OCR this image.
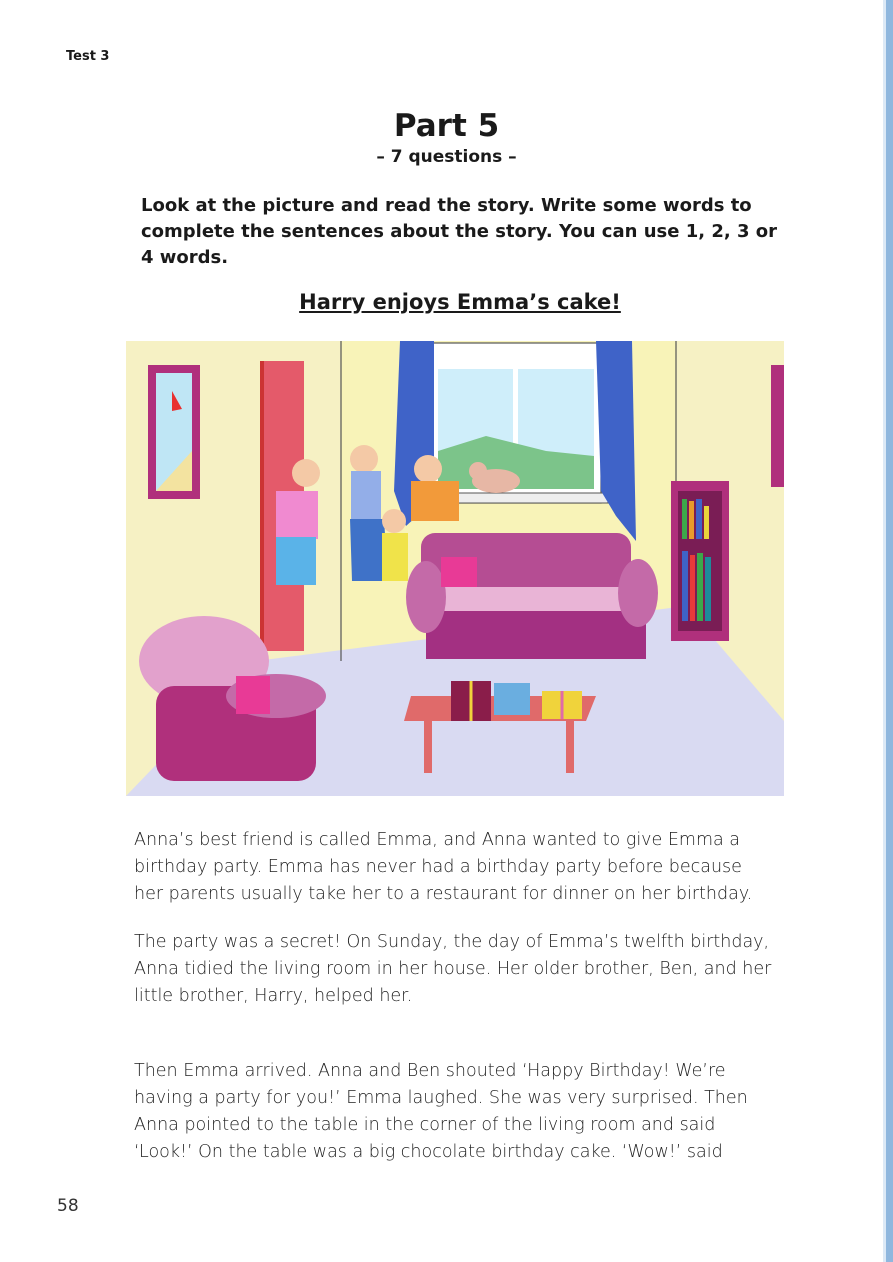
Test 3
Part 5
– 7 questions –
Look at the picture and read the story. Write some words to complete the sentences about the story. You can use 1, 2, 3 or 4 words.
Harry enjoys Emma’s cake!
Anna’s best friend is called Emma, and Anna wanted to give Emma a birthday party. Emma has never had a birthday party before because her parents usually take her to a restaurant for dinner on her birthday.
The party was a secret! On Sunday, the day of Emma’s twelfth birthday, Anna tidied the living room in her house. Her older brother, Ben, and her little brother, Harry, helped her.
Then Emma arrived. Anna and Ben shouted ‘Happy Birthday! We’re having a party for you!’ Emma laughed. She was very surprised. Then Anna pointed to the table in the corner of the living room and said ‘Look!’ On the table was a big chocolate birthday cake. ‘Wow!’ said
58
